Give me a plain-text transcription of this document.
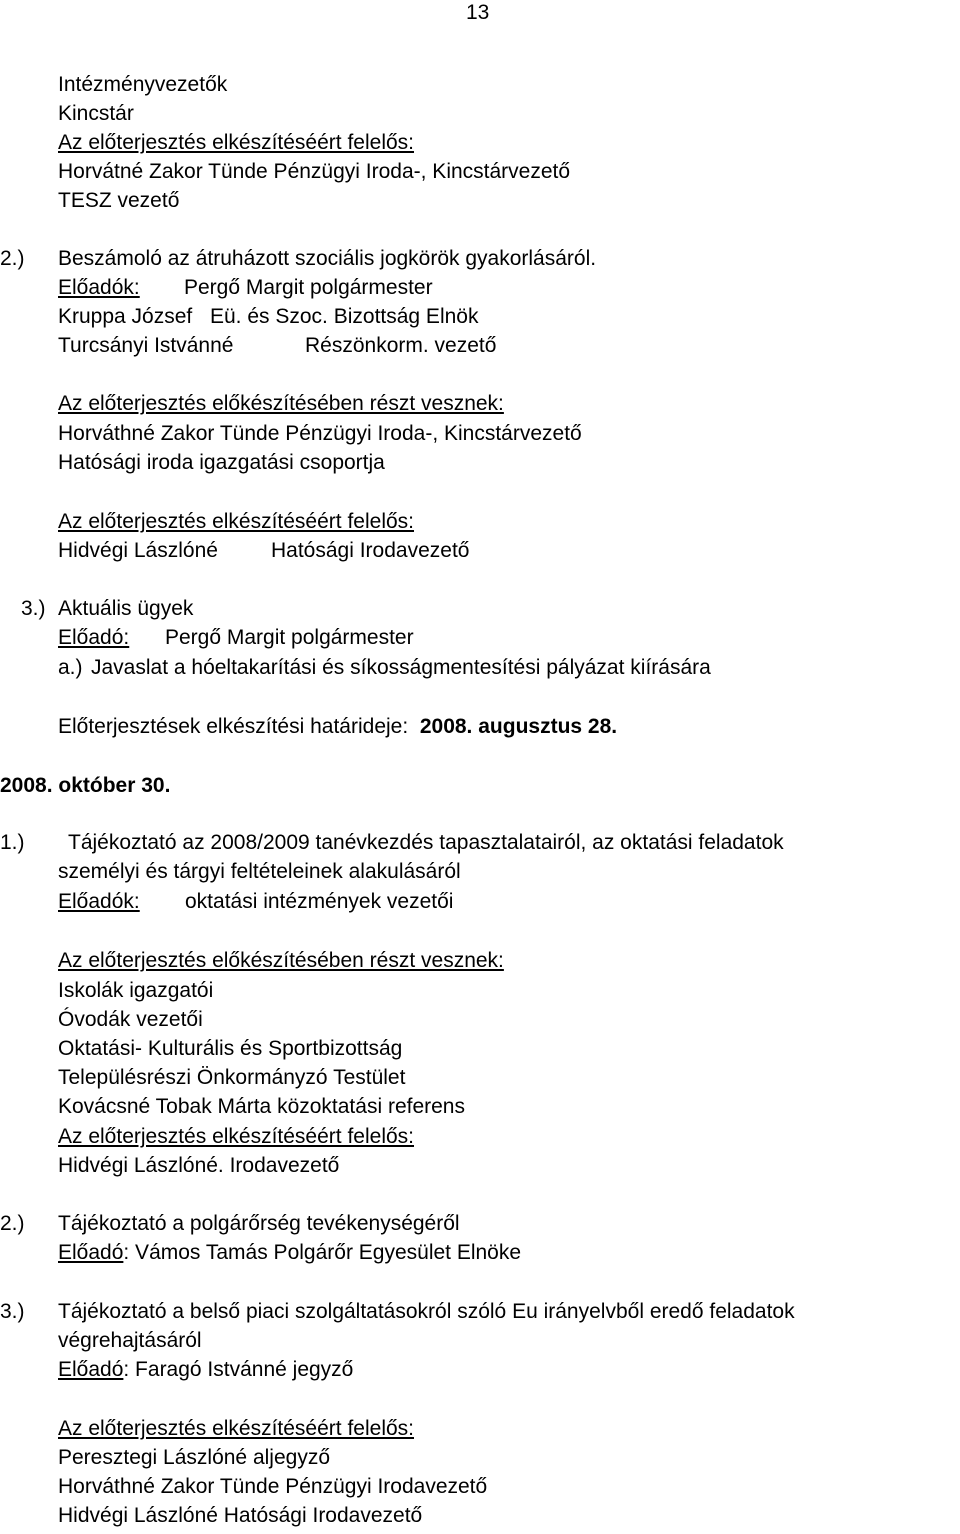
13
Intézményvezetők
Kincstár
Az előterjesztés elkészítéséért felelős:
Horvátné Zakor Tünde Pénzügyi Iroda-, Kincstárvezető
TESZ vezető
2.) Beszámoló az átruházott szociális jogkörök gyakorlásáról.
Előadók: Pergő Margit polgármester
Kruppa József Eü. és Szoc. Bizottság Elnök
Turcsányi Istvánné	Részönkorm. vezető
Az előterjesztés előkészítésében részt vesznek:
Horváthné Zakor Tünde Pénzügyi Iroda-, Kincstárvezető
Hatósági iroda igazgatási csoportja
Az előterjesztés elkészítéséért felelős:
Hidvégi Lászlóné	Hatósági Irodavezető
3.) Aktuális ügyek
Előadó: Pergő Margit polgármester
a.) Javaslat a hóeltakarítási és síkosságmentesítési pályázat kiírására
Előterjesztések elkészítési határideje: 2008. augusztus 28.
2008. október 30.
1.) Tájékoztató az 2008/2009 tanévkezdés tapasztalatairól, az oktatási feladatok
személyi és tárgyi feltételeinek alakulásáról
Előadók: oktatási intézmények vezetői
Az előterjesztés előkészítésében részt vesznek:
Iskolák igazgatói
Óvodák vezetői
Oktatási- Kulturális és Sportbizottság
Településrészi Önkormányzó Testület
Kovácsné Tobak Márta közoktatási referens
Az előterjesztés elkészítéséért felelős:
Hidvégi Lászlóné. Irodavezető
2.) Tájékoztató a polgárőrség tevékenységéről
Előadó: Vámos Tamás Polgárőr Egyesület Elnöke
3.) Tájékoztató a belső piaci szolgáltatásokról szóló Eu irányelvből eredő feladatok
végrehajtásáról
Előadó: Faragó Istvánné jegyző
Az előterjesztés elkészítéséért felelős:
Peresztegi Lászlóné aljegyző
Horváthné Zakor Tünde Pénzügyi Irodavezető
Hidvégi Lászlóné Hatósági Irodavezető
